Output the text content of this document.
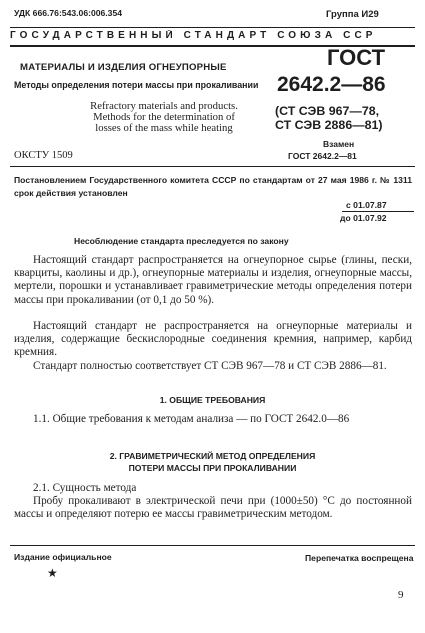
УДК 666.76:543.06:006.354	Группа И29
ГОСУДАРСТВЕННЫЙ СТАНДАРТ СОЮЗА ССР
МАТЕРИАЛЫ И ИЗДЕЛИЯ ОГНЕУПОРНЫЕ
Методы определения потери массы при прокаливании
ГОСТ
2642.2—86
Refractory materials and products.
Methods for the determination of
losses of the mass while heating
(СТ СЭВ 967—78,
СТ СЭВ 2886—81)
ОКСТУ 1509
Взамен
ГОСТ 2642.2—81
Постановлением Государственного комитета СССР по стандартам от 27 мая 1986 г. № 1311 срок действия установлен
с 01.07.87
до 01.07.92
Несоблюдение стандарта преследуется по закону
Настоящий стандарт распространяется на огнеупорное сырье (глины, пески, кварциты, каолины и др.), огнеупорные материалы и изделия, огнеупорные массы, мертели, порошки и устанавливает гравиметрические методы определения потери массы при прокаливании (от 0,1 до 50 %).
Настоящий стандарт не распространяется на огнеупорные материалы и изделия, содержащие бескислородные соединения кремния, например, карбид кремния.
Стандарт полностью соответствует СТ СЭВ 967—78 и СТ СЭВ 2886—81.
1. ОБЩИЕ ТРЕБОВАНИЯ
1.1. Общие требования к методам анализа — по ГОСТ 2642.0—86
2. ГРАВИМЕТРИЧЕСКИЙ МЕТОД ОПРЕДЕЛЕНИЯ
ПОТЕРИ МАССЫ ПРИ ПРОКАЛИВАНИИ
2.1. Сущность метода
Пробу прокаливают в электрической печи при (1000±50) °C до постоянной массы и определяют потерю ее массы гравиметрическим методом.
Издание официальное
★
Перепечатка воспрещена
9
